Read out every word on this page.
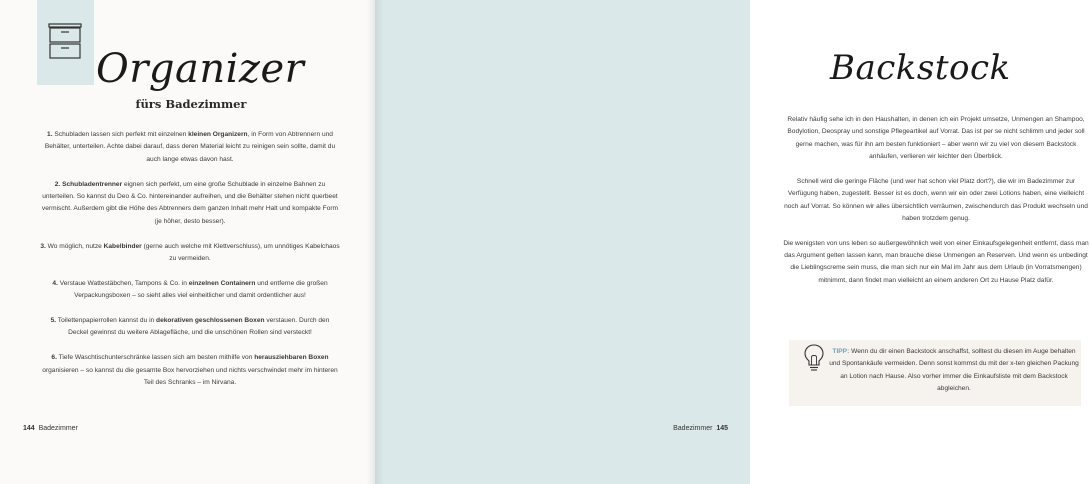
Organizer
fürs Badezimmer

1. Schubladen lassen sich perfekt mit einzelnen kleinen Organizern, in Form von Abtrennern und Behälter, unterteilen. Achte dabei darauf, dass deren Material leicht zu reinigen sein sollte, damit du auch lange etwas davon hast.

2. Schubladentrenner eignen sich perfekt, um eine große Schublade in einzelne Bahnen zu unterteilen. So kannst du Deo & Co. hintereinander aufreihen, und die Behälter stehen nicht querbeet vermischt. Außerdem gibt die Höhe des Abtrenners dem ganzen Inhalt mehr Halt und kompakte Form (je höher, desto besser).

3. Wo möglich, nutze Kabelbinder (gerne auch welche mit Klettverschluss), um unnötiges Kabelchaos zu vermeiden.

4. Verstaue Wattestäbchen, Tampons & Co. in einzelnen Containern und entferne die großen Verpackungsboxen – so sieht alles viel einheitlicher und damit ordentlicher aus!

5. Toilettenpapierrollen kannst du in dekorativen geschlossenen Boxen verstauen. Durch den Deckel gewinnst du weitere Ablagefläche, und die unschönen Rollen sind versteckt!

6. Tiefe Waschtischunterschränke lassen sich am besten mithilfe von herausziehbaren Boxen organisieren – so kannst du die gesamte Box hervorziehen und nichts verschwindet mehr im hinteren Teil des Schranks – im Nirvana.

144 Badezimmer
Backstock

Relativ häufig sehe ich in den Haushalten, in denen ich ein Projekt umsetze, Unmengen an Shampoo, Bodylotion, Deospray und sonstige Pflegeartikel auf Vorrat. Das ist per se nicht schlimm und jeder soll gerne machen, was für ihn am besten funktioniert – aber wenn wir zu viel von diesem Backstock anhäufen, verlieren wir leichter den Überblick.

Schnell wird die geringe Fläche (und wer hat schon viel Platz dort?), die wir im Badezimmer zur Verfügung haben, zugestellt. Besser ist es doch, wenn wir ein oder zwei Lotions haben, eine vielleicht noch auf Vorrat. So können wir alles übersichtlich verräumen, zwischendurch das Produkt wechseln und haben trotzdem genug.

Die wenigsten von uns leben so außergewöhnlich weit von einer Einkaufsgelegenheit entfernt, dass man das Argument gelten lassen kann, man brauche diese Unmengen an Reserven. Und wenn es unbedingt die Lieblingscreme sein muss, die man sich nur ein Mal im Jahr aus dem Urlaub (in Vorratsmengen) mitnimmt, dann findet man vielleicht an einem anderen Ort zu Hause Platz dafür.

TIPP: Wenn du dir einen Backstock anschaffst, solltest du diesen im Auge behalten und Spontankäufe vermeiden. Denn sonst kommst du mit der x-ten gleichen Packung an Lotion nach Hause. Also vorher immer die Einkaufsliste mit dem Backstock abgleichen.
Badezimmer 145
